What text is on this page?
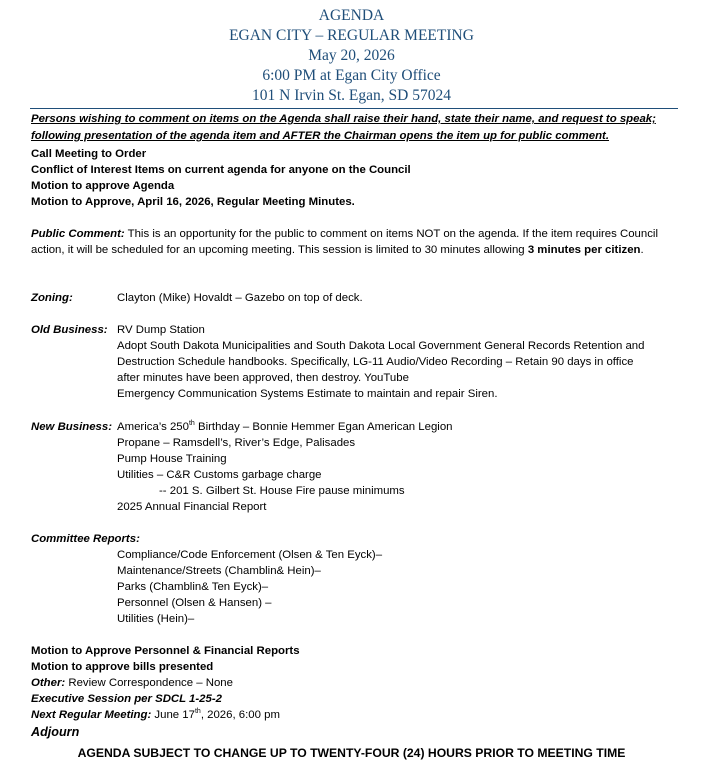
AGENDA
EGAN CITY – REGULAR MEETING
May 20, 2026
6:00 PM at Egan City Office
101 N Irvin St. Egan, SD 57024
Persons wishing to comment on items on the Agenda shall raise their hand, state their name, and request to speak;
following presentation of the agenda item and AFTER the Chairman opens the item up for public comment.
Call Meeting to Order
Conflict of Interest Items on current agenda for anyone on the Council
Motion to approve Agenda
Motion to Approve, April 16, 2026, Regular Meeting Minutes.
Public Comment: This is an opportunity for the public to comment on items NOT on the agenda. If the item requires Council action, it will be scheduled for an upcoming meeting. This session is limited to 30 minutes allowing 3 minutes per citizen.
Zoning:	Clayton (Mike) Hovaldt – Gazebo on top of deck.
Old Business: RV Dump Station
Adopt South Dakota Municipalities and South Dakota Local Government General Records Retention and
Destruction Schedule handbooks. Specifically, LG-11 Audio/Video Recording – Retain 90 days in office
after minutes have been approved, then destroy. YouTube
Emergency Communication Systems Estimate to maintain and repair Siren.
New Business: America’s 250th Birthday – Bonnie Hemmer Egan American Legion
Propane – Ramsdell’s, River’s Edge, Palisades
Pump House Training
Utilities – C&R Customs garbage charge
-- 201 S. Gilbert St. House Fire pause minimums
2025 Annual Financial Report
Committee Reports:
Compliance/Code Enforcement (Olsen & Ten Eyck)–
Maintenance/Streets (Chamblin& Hein)–
Parks (Chamblin& Ten Eyck)–
Personnel (Olsen & Hansen) –
Utilities (Hein)–
Motion to Approve Personnel & Financial Reports
Motion to approve bills presented
Other: Review Correspondence – None
Executive Session per SDCL 1-25-2
Next Regular Meeting: June 17th, 2026, 6:00 pm
Adjourn
AGENDA SUBJECT TO CHANGE UP TO TWENTY-FOUR (24) HOURS PRIOR TO MEETING TIME
